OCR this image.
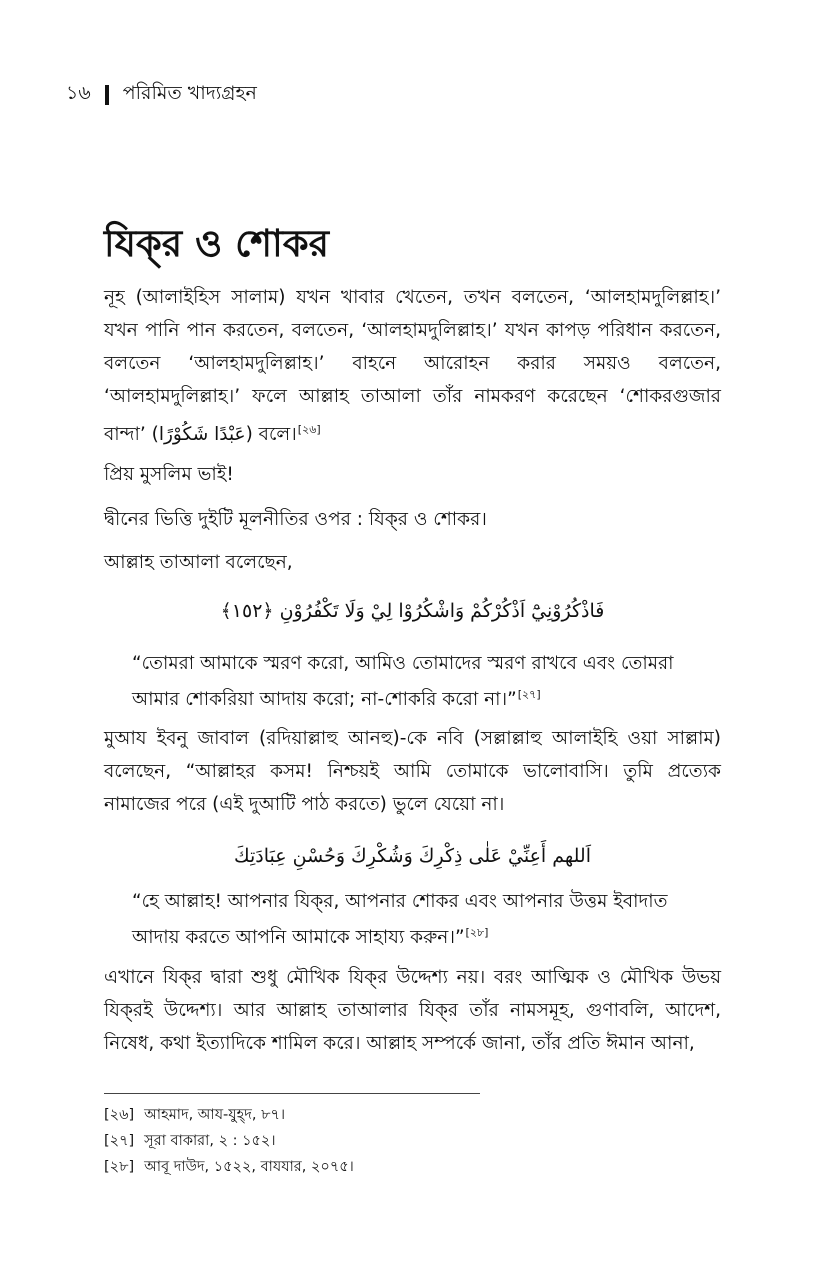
১৬ পরিমিত খাদ্যগ্রহন
যিক্‌র ও শোকর

নূহ (আলাইহিস সালাম) যখন খাবার খেতেন, তখন বলতেন, ‘আলহামদুলিল্লাহ।’ যখন পানি পান করতেন, বলতেন, ‘আলহামদুলিল্লাহ।’ যখন কাপড় পরিধান করতেন, বলতেন ‘আলহামদুলিল্লাহ।’ বাহনে আরোহন করার সময়ও বলতেন, ‘আলহামদুলিল্লাহ।’ ফলে আল্লাহ তাআলা তাঁর নামকরণ করেছেন ‘শোকরগুজার বান্দা’ (عَبْدًا شَكُوْرًا) বলে।[২৬]

প্রিয় মুসলিম ভাই!

দ্বীনের ভিত্তি দুইটি মূলনীতির ওপর : যিক্‌র ও শোকর।

আল্লাহ তাআলা বলেছেন,

فَاذْكُرُوْنِيْٓ اَذْكُرْكُمْ وَاشْكُرُوْا لِيْ وَلَا تَكْفُرُوْنِ ﴿١٥٢﴾

“তোমরা আমাকে স্মরণ করো, আমিও তোমাদের স্মরণ রাখবে এবং তোমরা আমার শোকরিয়া আদায় করো; না-শোকরি করো না।”[২৭]

মুআয ইবনু জাবাল (রদিয়াল্লাহু আনহু)-কে নবি (সল্লাল্লাহু আলাইহি ওয়া সাল্লাম) বলেছেন, “আল্লাহর কসম! নিশ্চয়ই আমি তোমাকে ভালোবাসি। তুমি প্রত্যেক নামাজের পরে (এই দুআটি পাঠ করতে) ভুলে যেয়ো না।

اَللهم أَعِنِّيْ عَلٰى ذِكْرِكَ وَشُكْرِكَ وَحُسْنِ عِبَادَتِكَ

“হে আল্লাহ! আপনার যিক্‌র, আপনার শোকর এবং আপনার উত্তম ইবাদাত আদায় করতে আপনি আমাকে সাহায্য করুন।”[২৮]

এখানে যিক্‌র দ্বারা শুধু মৌখিক যিক্‌র উদ্দেশ্য নয়। বরং আত্মিক ও মৌখিক উভয় যিক্‌রই উদ্দেশ্য। আর আল্লাহ তাআলার যিক্‌র তাঁর নামসমূহ, গুণাবলি, আদেশ, নিষেধ, কথা ইত্যাদিকে শামিল করে। আল্লাহ সম্পর্কে জানা, তাঁর প্রতি ঈমান আনা,

[২৬] আহমাদ, আয-যুহ্‌দ, ৮৭।
[২৭] সূরা বাকারা, ২ : ১৫২।
[২৮] আবূ দাউদ, ১৫২২, বাযযার, ২০৭৫।
